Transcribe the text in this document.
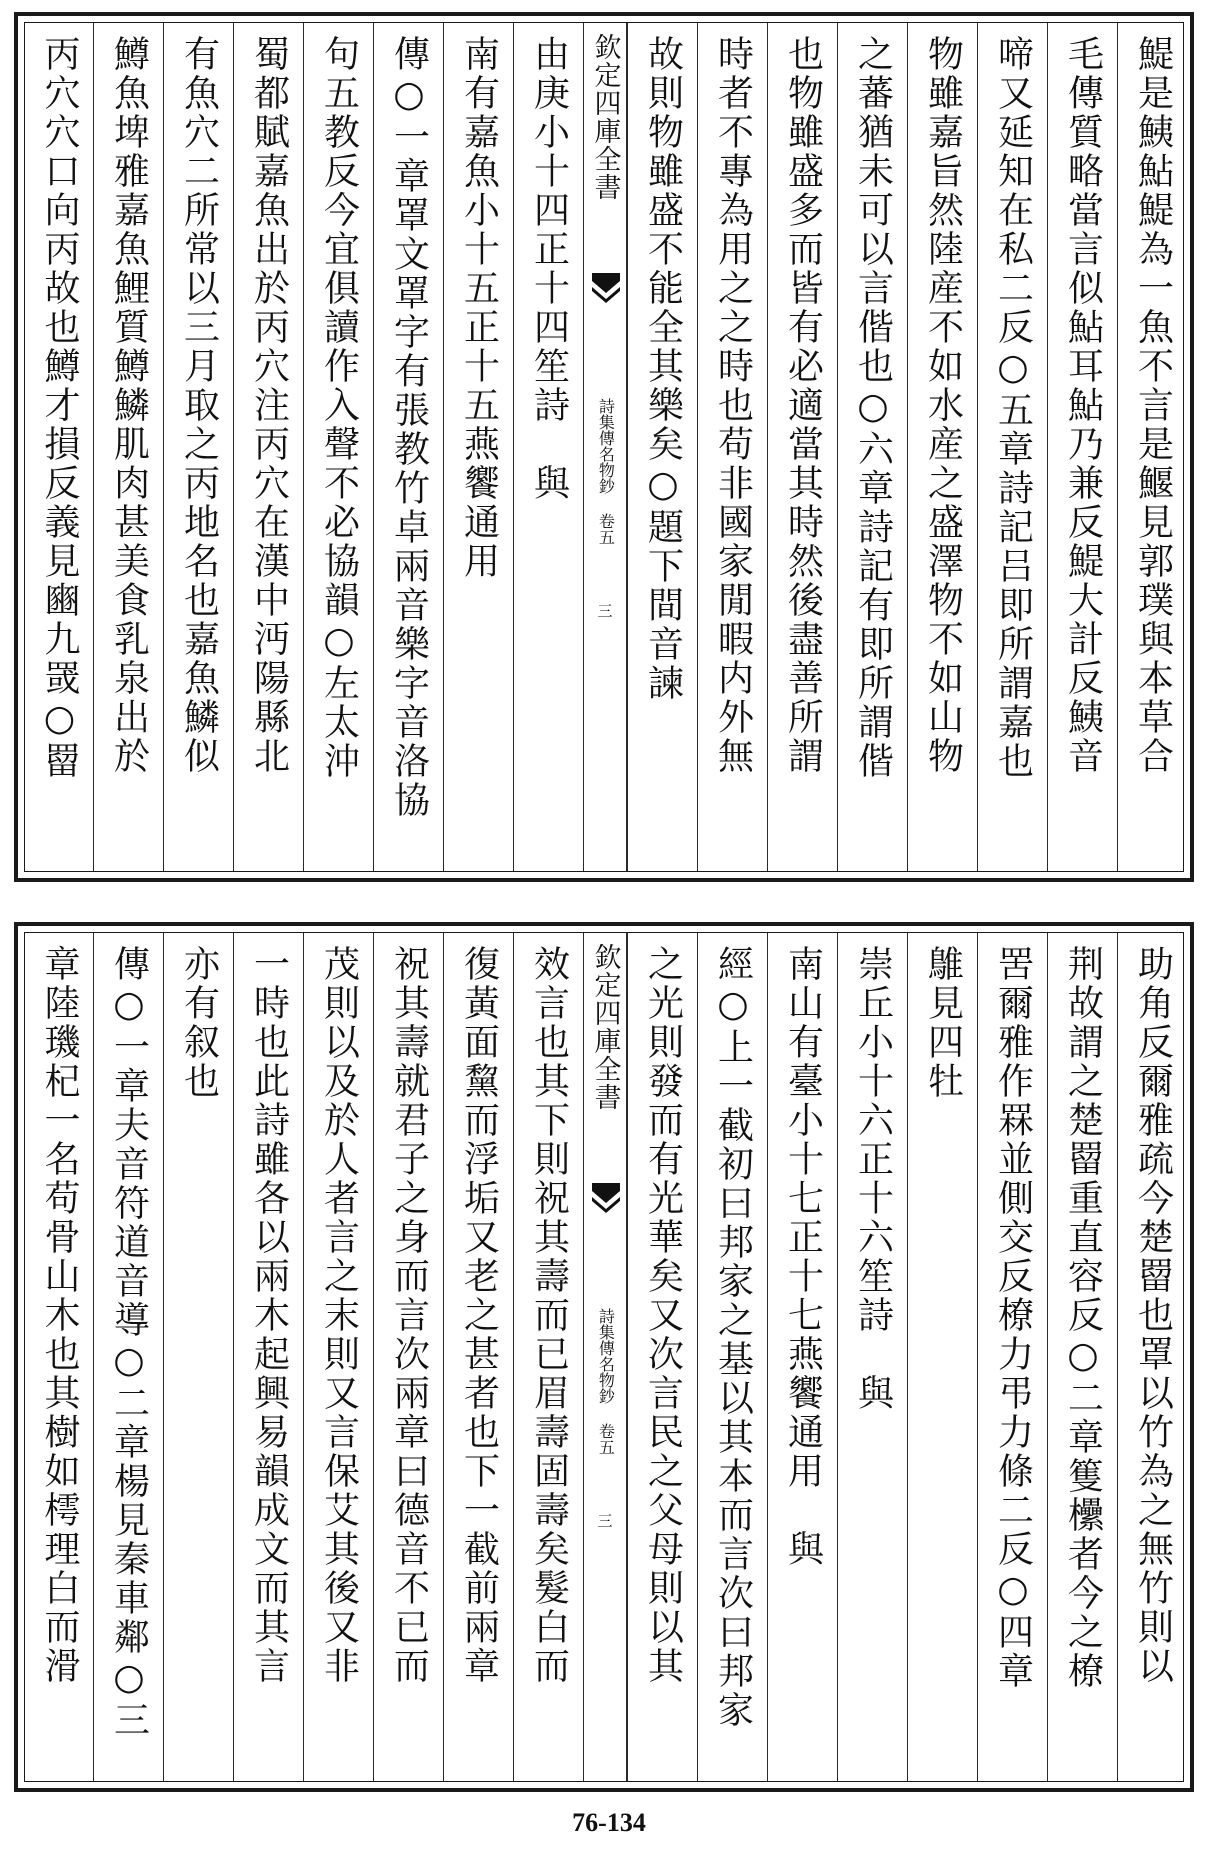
鯷是鮧鮎鯷為一魚不言是鰋見郭璞與本草合
毛傳質略當言似鮎耳鮎乃兼反鯷大計反鮧音
啼又延知在私二反○五章詩記吕即所謂嘉也
物雖嘉旨然陸産不如水産之盛澤物不如山物
之蕃猶未可以言偕也○六章詩記有即所謂偕
也物雖盛多而皆有必適當其時然後盡善所謂
時者不專為用之之時也苟非國家閒暇内外無
故則物雖盛不能全其樂矣○題下間音諫
欽定四庫全書
詩集傳名物鈔 卷五
三
由庚小十四正十四笙詩　與
南有嘉魚小十五正十五燕饗通用
傳○一章罩文罩字有張教竹卓兩音樂字音洛協
句五教反今宜俱讀作入聲不必協韻○左太沖
蜀都賦嘉魚出於丙穴注丙穴在漢中沔陽縣北
有魚穴二所常以三月取之丙地名也嘉魚鱗似
鱒魚埤雅嘉魚鯉質鱒鱗肌肉甚美食乳泉出於
丙穴穴口向丙故也鱒才損反義見豳九罭○罶
助角反爾雅疏今楚罶也罩以竹為之無竹則以
荆故謂之楚罶重直容反○二章篗欙者今之橑
罟爾雅作罧並側交反橑力弔力條二反○四章
鵻見四牡
崇丘小十六正十六笙詩　與
南山有臺小十七正十七燕饗通用　與
經○上一截初曰邦家之基以其本而言次曰邦家
之光則發而有光華矣又次言民之父母則以其
欽定四庫全書
詩集傳名物鈔 卷五
三
效言也其下則祝其壽而已眉壽固壽矣髮白而
復黃面黧而浮垢又老之甚者也下一截前兩章
祝其壽就君子之身而言次兩章曰德音不已而
茂則以及於人者言之末則又言保艾其後又非
一時也此詩雖各以兩木起興易韻成文而其言
亦有叙也
傳○一章夫音符道音導○二章楊見秦車鄰○三
章陸璣杞一名苟骨山木也其樹如樗理白而滑
76-134
